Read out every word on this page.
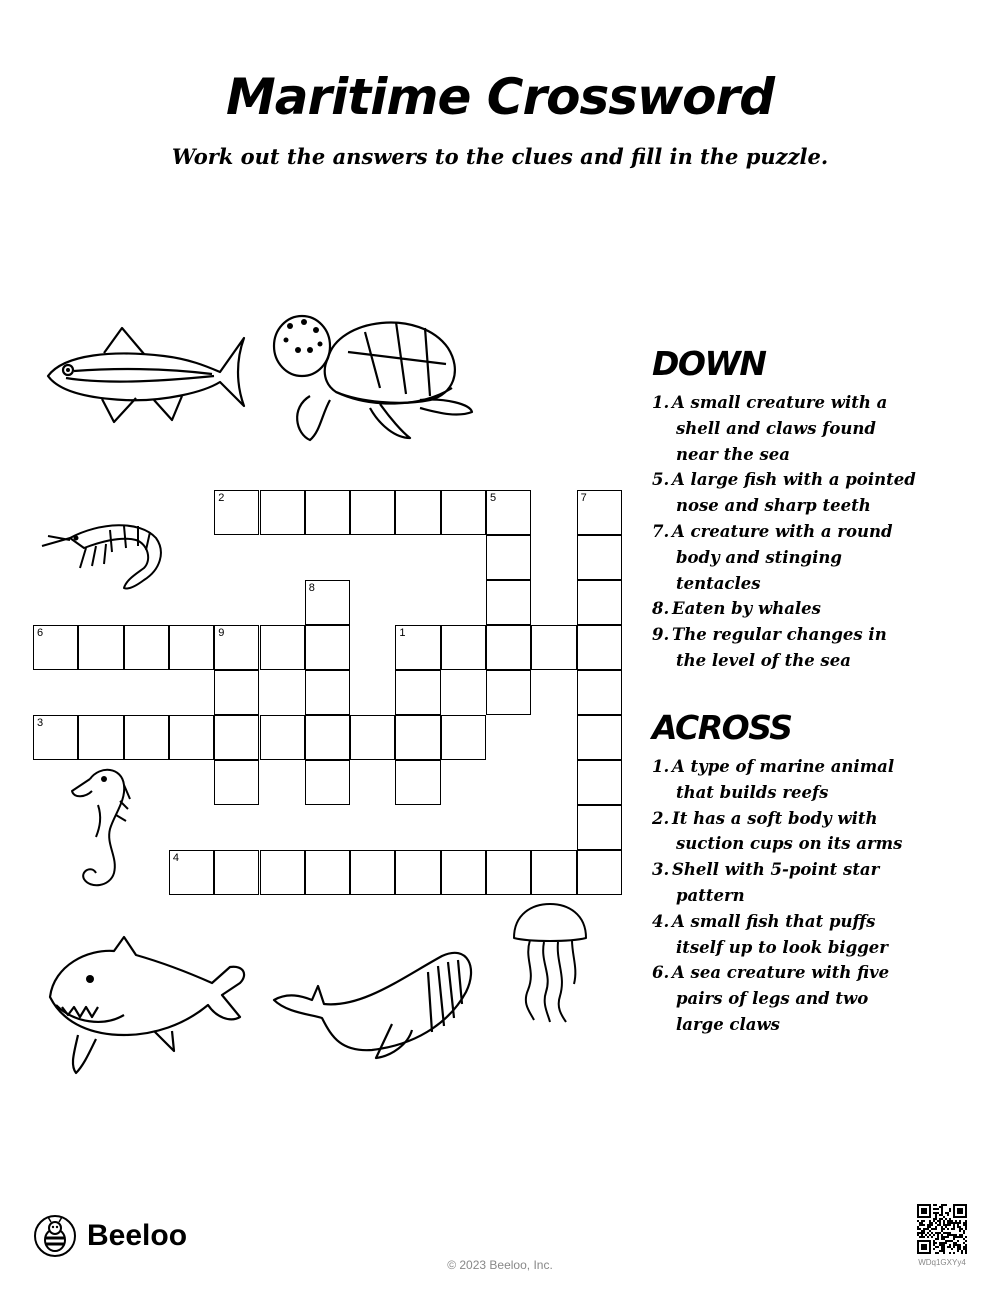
Maritime Crossword
Work out the answers to the clues and fill in the puzzle.
2	5
6	9	1
3
4
7
8
DOWN
1. A small creature with a shell and claws found near the sea
5. A large fish with a pointed nose and sharp teeth
7. A creature with a round body and stinging tentacles
8. Eaten by whales
9. The regular changes in the level of the sea
ACROSS
1. A type of marine animal that builds reefs
2. It has a soft body with suction cups on its arms
3. Shell with 5-point star pattern
4. A small fish that puffs itself up to look bigger
6. A sea creature with five pairs of legs and two large claws
Beeloo
© 2023 Beeloo, Inc.	WDq1GXYy4
